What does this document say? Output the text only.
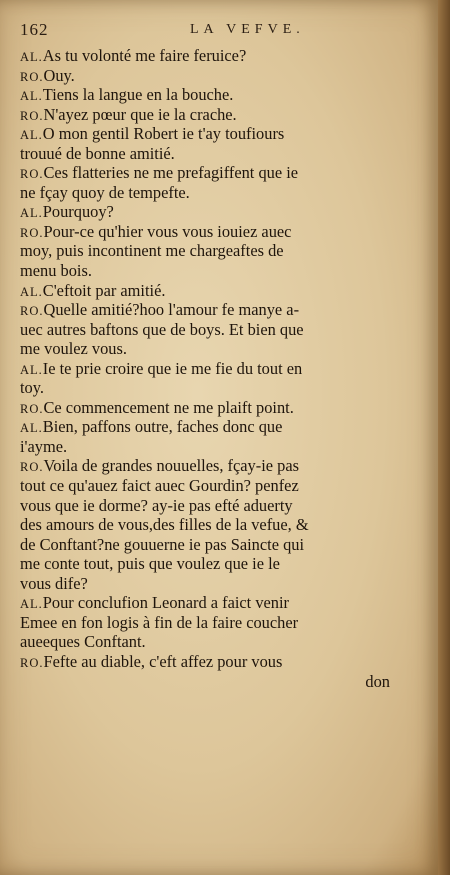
162	LA VEFVE.
AL.As tu volonté me faire feruice?
RO.Ouy.
AL.Tiens la langue en la bouche.
RO.N'ayez pœur que ie la crache.
AL.O mon gentil Robert ie t'ay toufiours
trouué de bonne amitié.
RO.Ces flatteries ne me prefagiffent que ie
ne fçay quoy de tempefte.
AL.Pourquoy?
RO.Pour-ce qu'hier vous vous iouiez auec
moy, puis incontinent me chargeaftes de
menu bois.
AL.C'eftoit par amitié.
RO.Quelle amitié?hoo l'amour fe manye a-
uec autres baftons que de boys. Et bien que
me voulez vous.
AL.Ie te prie croire que ie me fie du tout en
toy.
RO.Ce commencement ne me plaift point.
AL.Bien, paffons outre, faches donc que
i'ayme.
RO.Voila de grandes nouuelles, fçay-ie pas
tout ce qu'auez faict auec Gourdin? penfez
vous que ie dorme? ay-ie pas efté aduerty
des amours de vous,des filles de la vefue, &
de Conftant?ne gouuerne ie pas Saincte qui
me conte tout, puis que voulez que ie le
vous dife?
AL.Pour conclufion Leonard a faict venir
Emee en fon logis à fin de la faire coucher
aueeques Conftant.
RO.Fefte au diable, c'eft affez pour vous
don
